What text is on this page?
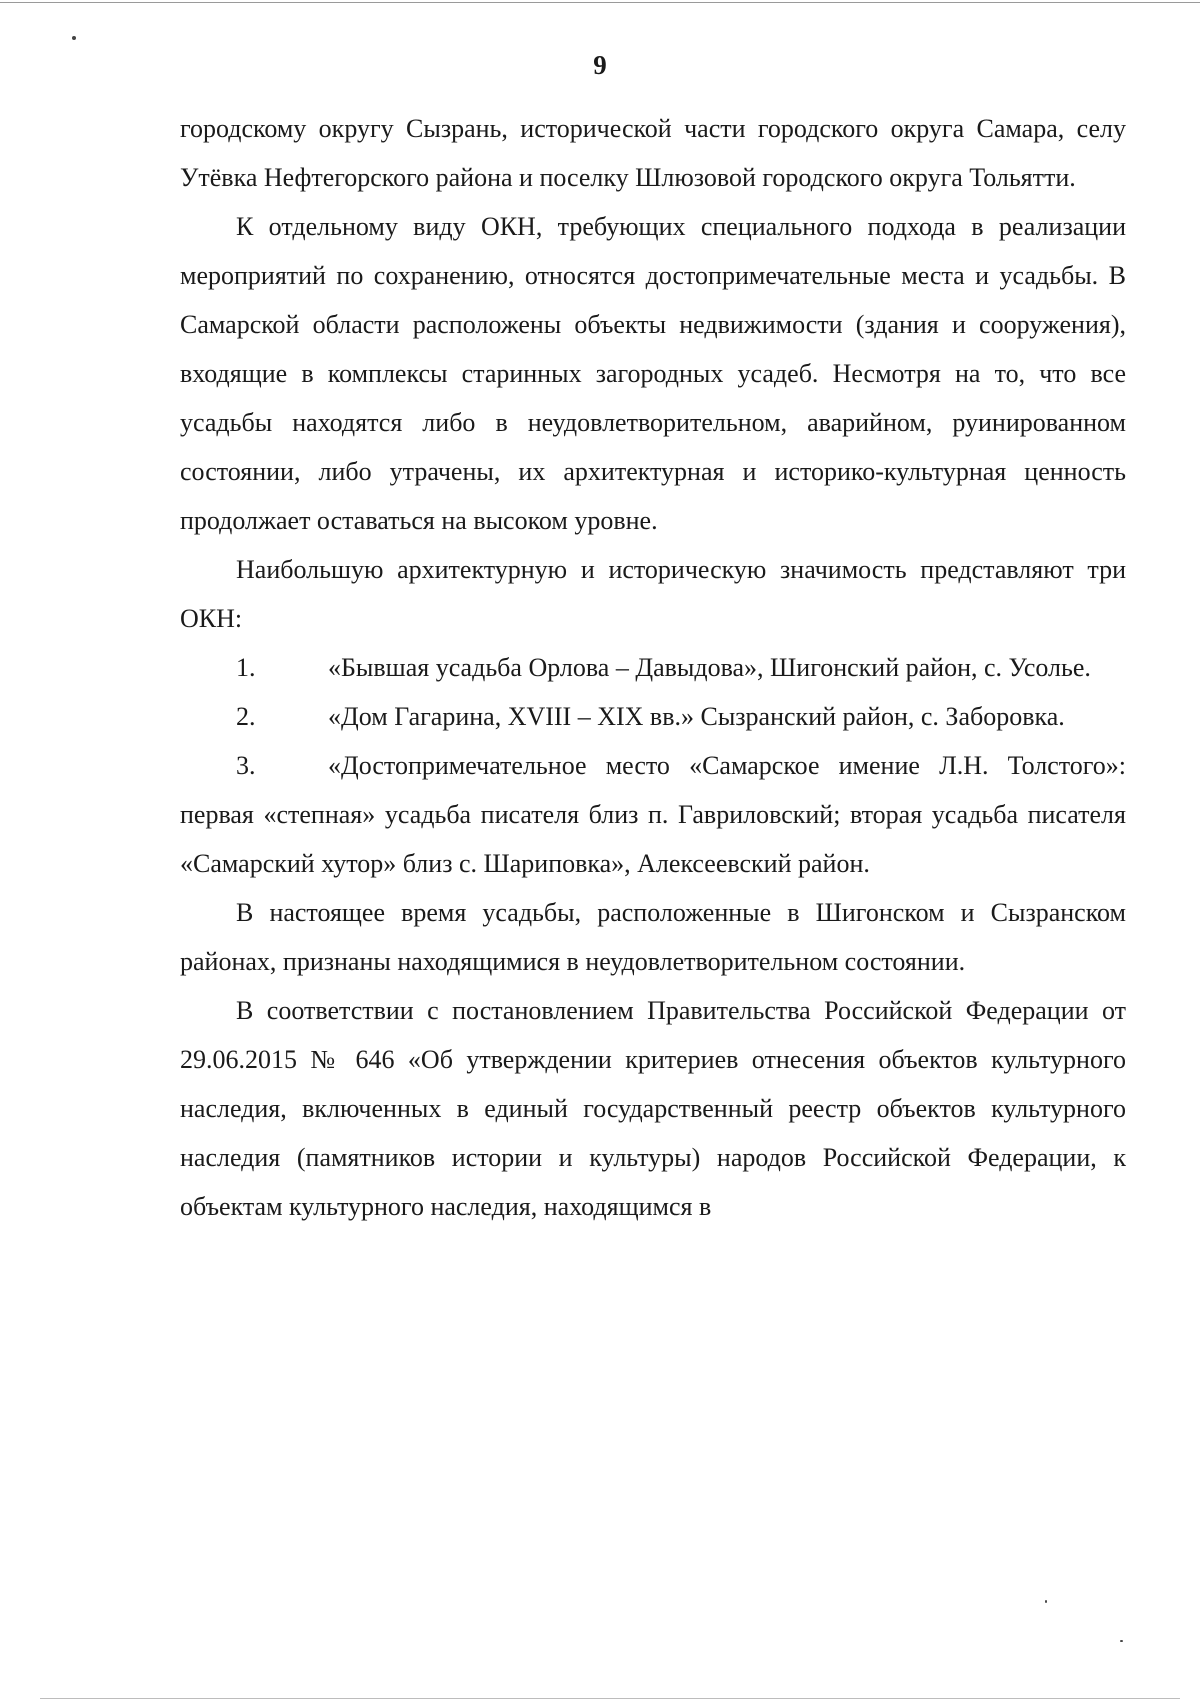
9

городскому округу Сызрань, исторической части городского округа Самара, селу Утёвка Нефтегорского района и поселку Шлюзовой городского округа Тольятти.

К отдельному виду ОКН, требующих специального подхода в реализации мероприятий по сохранению, относятся достопримечательные места и усадьбы. В Самарской области расположены объекты недвижимости (здания и сооружения), входящие в комплексы старинных загородных усадеб. Несмотря на то, что все усадьбы находятся либо в неудовлетворительном, аварийном, руинированном состоянии, либо утрачены, их архитектурная и историко-культурная ценность продолжает оставаться на высоком уровне.

Наибольшую архитектурную и историческую значимость представляют три ОКН:

1.	«Бывшая усадьба Орлова – Давыдова», Шигонский район, с. Усолье.

2.	«Дом Гагарина, XVIII – XIX вв.» Сызранский район, с. Заборовка.

3.	«Достопримечательное место «Самарское имение Л.Н. Толстого»: первая «степная» усадьба писателя близ п. Гавриловский; вторая усадьба писателя «Самарский хутор» близ с. Шариповка», Алексеевский район.

В настоящее время усадьбы, расположенные в Шигонском и Сызранском районах, признаны находящимися в неудовлетворительном состоянии.

В соответствии с постановлением Правительства Российской Федерации от 29.06.2015 № 646 «Об утверждении критериев отнесения объектов культурного наследия, включенных в единый государственный реестр объектов культурного наследия (памятников истории и культуры) народов Российской Федерации, к объектам культурного наследия, находящимся в
